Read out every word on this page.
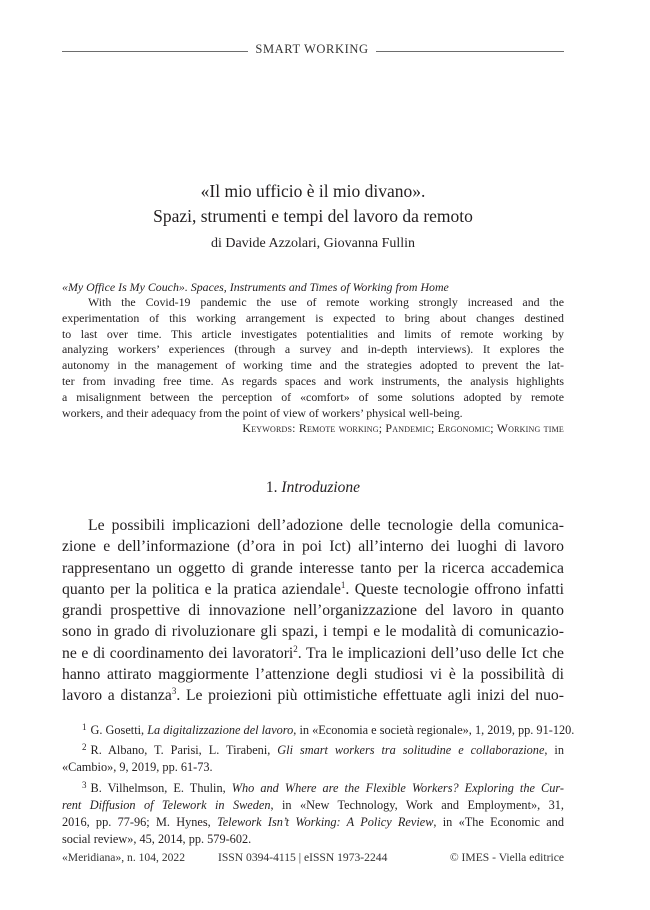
SMART WORKING
«Il mio ufficio è il mio divano».
Spazi, strumenti e tempi del lavoro da remoto
di Davide Azzolari, Giovanna Fullin
«My Office Is My Couch». Spaces, Instruments and Times of Working from Home
With the Covid-19 pandemic the use of remote working strongly increased and the
experimentation of this working arrangement is expected to bring about changes destined
to last over time. This article investigates potentialities and limits of remote working by
analyzing workers’ experiences (through a survey and in-depth interviews). It explores the
autonomy in the management of working time and the strategies adopted to prevent the lat-
ter from invading free time. As regards spaces and work instruments, the analysis highlights
a misalignment between the perception of «comfort» of some solutions adopted by remote
workers, and their adequacy from the point of view of workers’ physical well-being.
Keywords: Remote working; Pandemic; Ergonomic; Working time
1. Introduzione
Le possibili implicazioni dell’adozione delle tecnologie della comunica-
zione e dell’informazione (d’ora in poi Ict) all’interno dei luoghi di lavoro
rappresentano un oggetto di grande interesse tanto per la ricerca accademica
quanto per la politica e la pratica aziendale$^1$. Queste tecnologie offrono infatti
grandi prospettive di innovazione nell’organizzazione del lavoro in quanto
sono in grado di rivoluzionare gli spazi, i tempi e le modalità di comunicazio-
ne e di coordinamento dei lavoratori$^2$. Tra le implicazioni dell’uso delle Ict che
hanno attirato maggiormente l’attenzione degli studiosi vi è la possibilità di
lavoro a distanza$^3$. Le proiezioni più ottimistiche effettuate agli inizi del nuo-
$^1$ G. Gosetti, La digitalizzazione del lavoro, in «Economia e società regionale», 1, 2019, pp. 91-120.
$^2$ R. Albano, T. Parisi, L. Tirabeni, Gli smart workers tra solitudine e collaborazione, in
«Cambio», 9, 2019, pp. 61-73.
$^3$ B. Vilhelmson, E. Thulin, Who and Where are the Flexible Workers? Exploring the Cur-
rent Diffusion of Telework in Sweden, in «New Technology, Work and Employment», 31,
2016, pp. 77-96; M. Hynes, Telework Isn’t Working: A Policy Review, in «The Economic and
social review», 45, 2014, pp. 579-602.
«Meridiana», n. 104, 2022	ISSN 0394-4115 | eISSN 1973-2244	© IMES - Viella editrice
